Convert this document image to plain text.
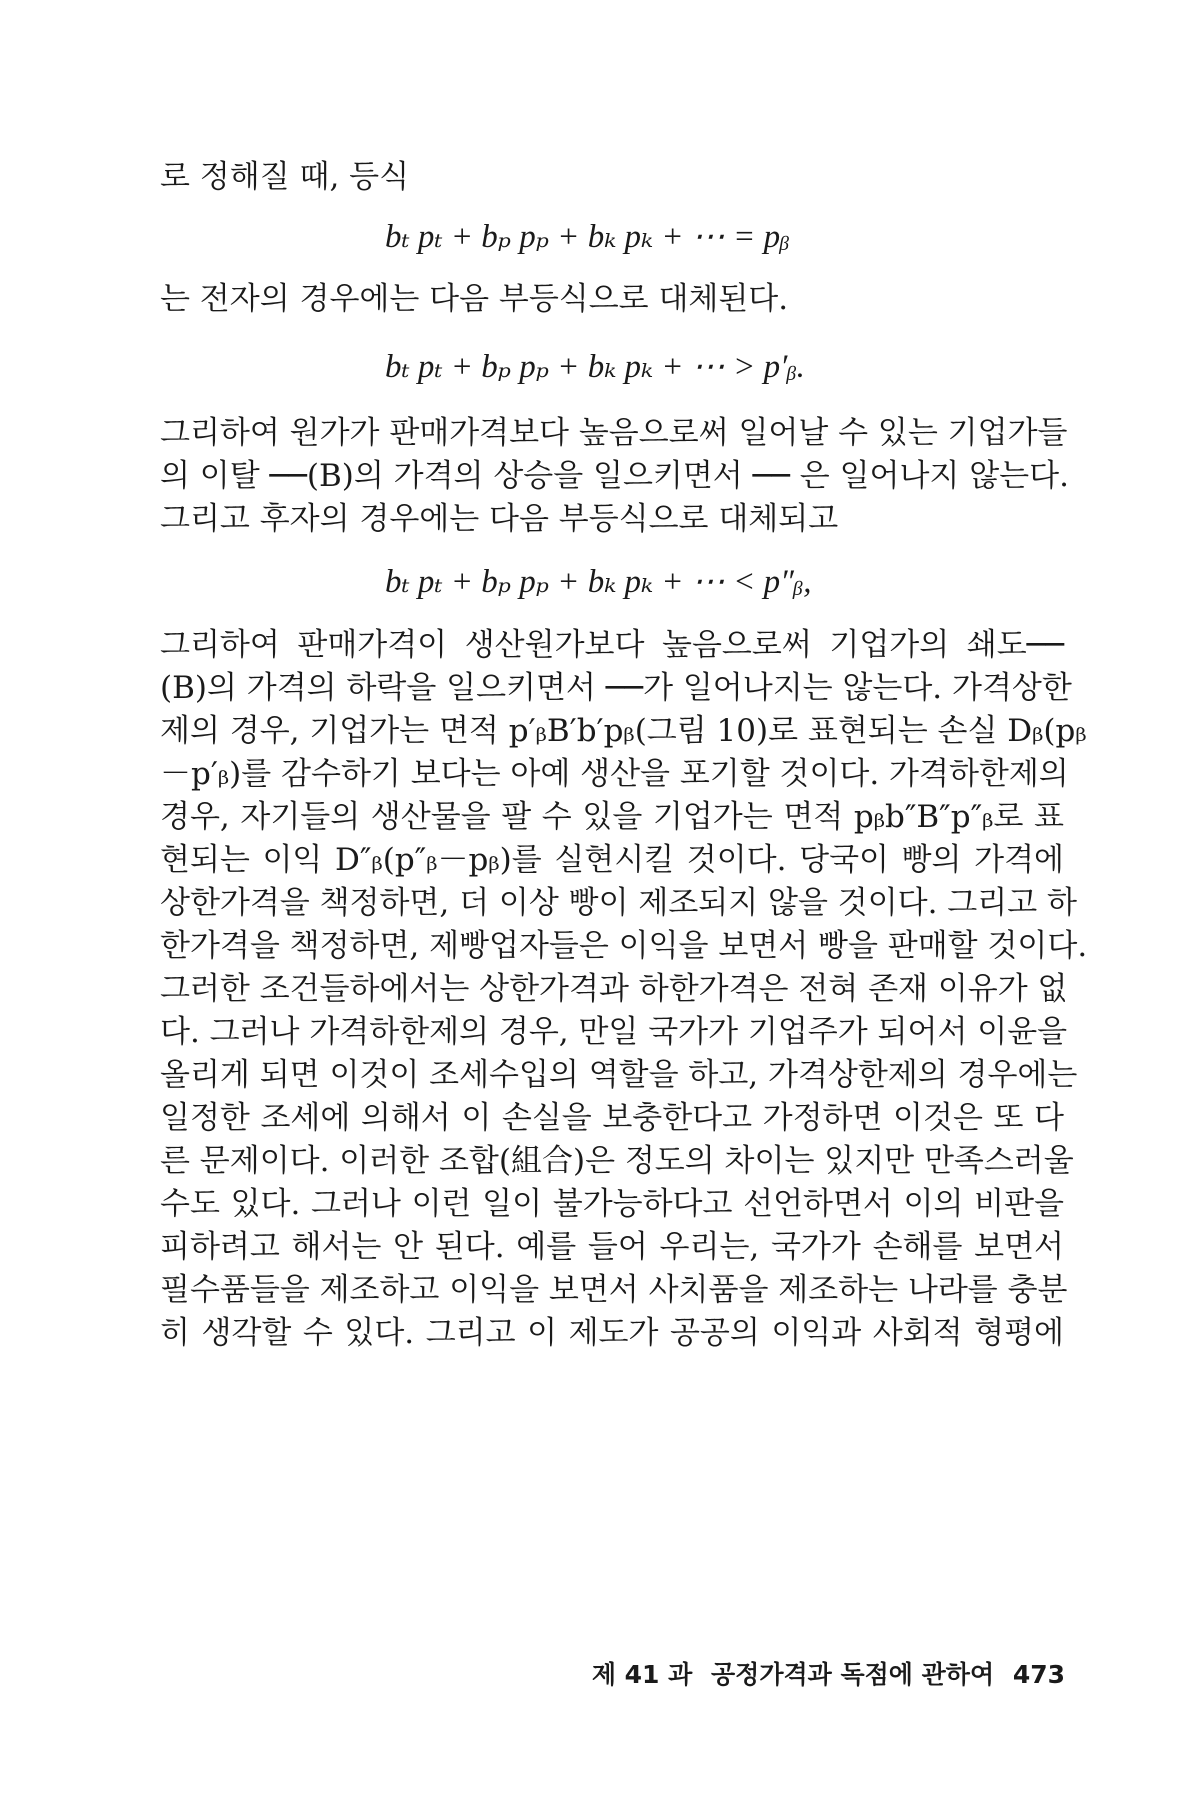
로 정해질 때, 등식
bₜ pₜ + bₚ pₚ + bₖ pₖ + ⋯ = pᵦ
는 전자의 경우에는 다음 부등식으로 대체된다.
bₜ pₜ + bₚ pₚ + bₖ pₖ + ⋯ > p′ᵦ.
그리하여 원가가 판매가격보다 높음으로써 일어날 수 있는 기업가들
의 이탈 ──(B)의 가격의 상승을 일으키면서 ── 은 일어나지 않는다.
그리고 후자의 경우에는 다음 부등식으로 대체되고
bₜ pₜ + bₚ pₚ + bₖ pₖ + ⋯ < p″ᵦ,
그리하여 판매가격이 생산원가보다 높음으로써 기업가의 쇄도──
(B)의 가격의 하락을 일으키면서 ──가 일어나지는 않는다. 가격상한
제의 경우, 기업가는 면적 p′ᵦB′b′pᵦ(그림 10)로 표현되는 손실 Dᵦ(pᵦ
－p′ᵦ)를 감수하기 보다는 아예 생산을 포기할 것이다. 가격하한제의
경우, 자기들의 생산물을 팔 수 있을 기업가는 면적 pᵦb″B″p″ᵦ로 표
현되는 이익 D″ᵦ(p″ᵦ－pᵦ)를 실현시킬 것이다. 당국이 빵의 가격에
상한가격을 책정하면, 더 이상 빵이 제조되지 않을 것이다. 그리고 하
한가격을 책정하면, 제빵업자들은 이익을 보면서 빵을 판매할 것이다.
그러한 조건들하에서는 상한가격과 하한가격은 전혀 존재 이유가 없
다. 그러나 가격하한제의 경우, 만일 국가가 기업주가 되어서 이윤을
올리게 되면 이것이 조세수입의 역할을 하고, 가격상한제의 경우에는
일정한 조세에 의해서 이 손실을 보충한다고 가정하면 이것은 또 다
른 문제이다. 이러한 조합(組合)은 정도의 차이는 있지만 만족스러울
수도 있다. 그러나 이런 일이 불가능하다고 선언하면서 이의 비판을
피하려고 해서는 안 된다. 예를 들어 우리는, 국가가 손해를 보면서
필수품들을 제조하고 이익을 보면서 사치품을 제조하는 나라를 충분
히 생각할 수 있다. 그리고 이 제도가 공공의 이익과 사회적 형평에
제 41 과 공정가격과 독점에 관하여 473
